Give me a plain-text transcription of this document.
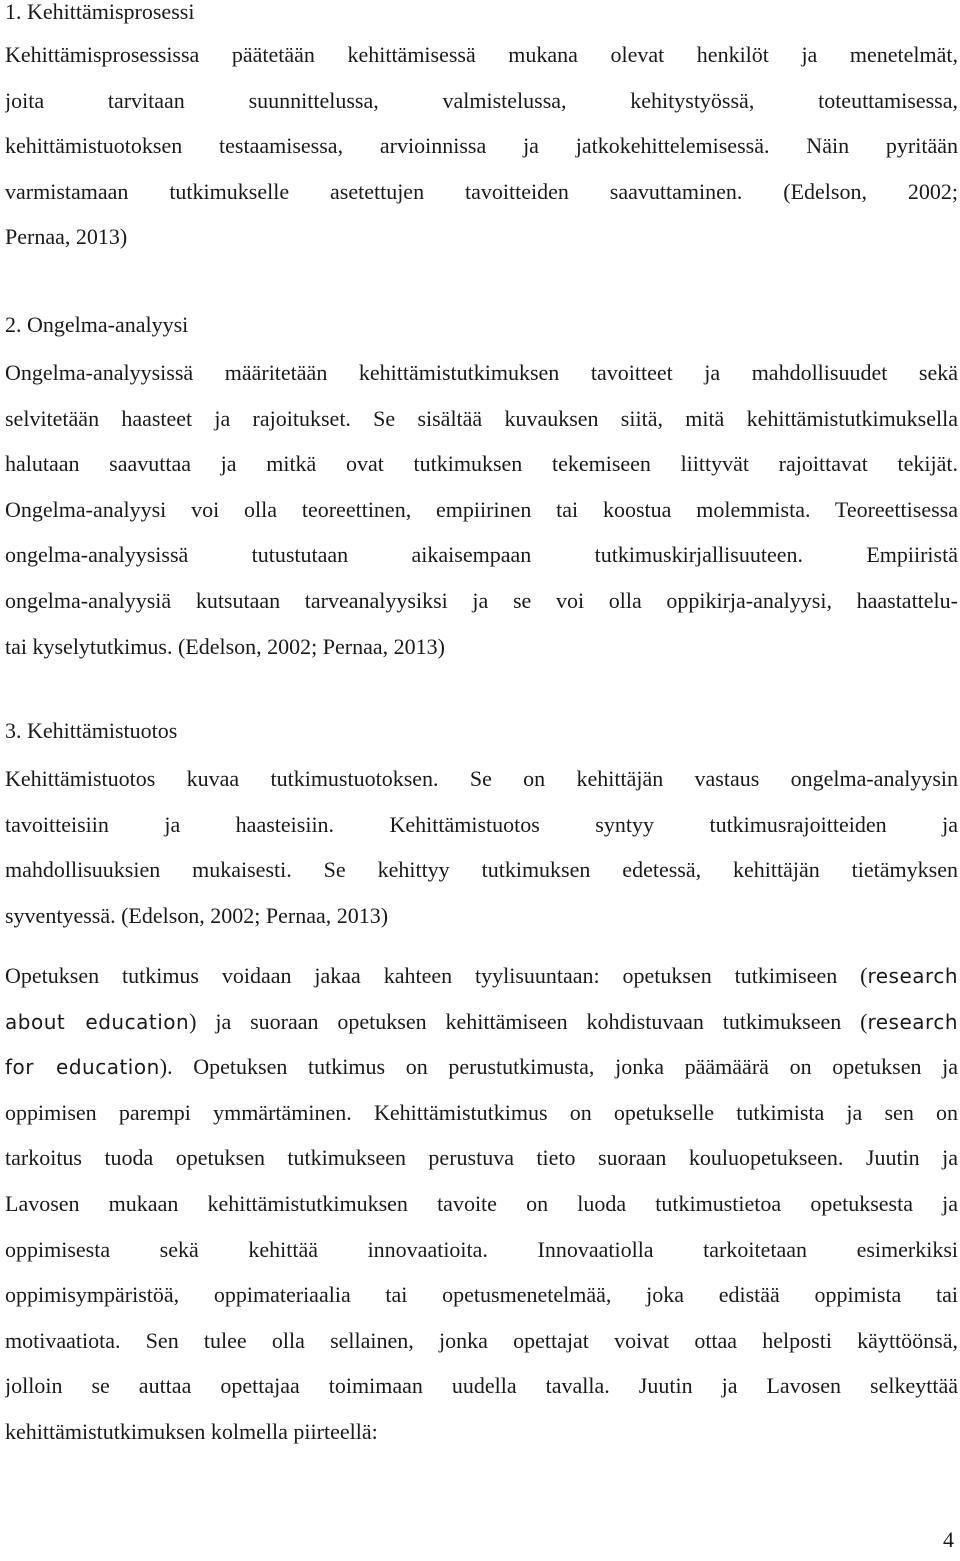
1. Kehittämisprosessi
Kehittämisprosessissa päätetään kehittämisessä mukana olevat henkilöt ja menetelmät,
joita tarvitaan suunnittelussa, valmistelussa, kehitystyössä, toteuttamisessa,
kehittämistuotoksen testaamisessa, arvioinnissa ja jatkokehittelemisessä. Näin pyritään
varmistamaan tutkimukselle asetettujen tavoitteiden saavuttaminen. (Edelson, 2002;
Pernaa, 2013)
2. Ongelma-analyysi
Ongelma-analyysissä määritetään kehittämistutkimuksen tavoitteet ja mahdollisuudet sekä
selvitetään haasteet ja rajoitukset. Se sisältää kuvauksen siitä, mitä kehittämistutkimuksella
halutaan saavuttaa ja mitkä ovat tutkimuksen tekemiseen liittyvät rajoittavat tekijät.
Ongelma-analyysi voi olla teoreettinen, empiirinen tai koostua molemmista. Teoreettisessa
ongelma-analyysissä tutustutaan aikaisempaan tutkimuskirjallisuuteen. Empiiristä
ongelma-analyysiä kutsutaan tarveanalyysiksi ja se voi olla oppikirja-analyysi, haastattelu-
tai kyselytutkimus. (Edelson, 2002; Pernaa, 2013)
3. Kehittämistuotos
Kehittämistuotos kuvaa tutkimustuotoksen. Se on kehittäjän vastaus ongelma-analyysin
tavoitteisiin ja haasteisiin. Kehittämistuotos syntyy tutkimusrajoitteiden ja
mahdollisuuksien mukaisesti. Se kehittyy tutkimuksen edetessä, kehittäjän tietämyksen
syventyessä. (Edelson, 2002; Pernaa, 2013)
Opetuksen tutkimus voidaan jakaa kahteen tyylisuuntaan: opetuksen tutkimiseen (research
about education) ja suoraan opetuksen kehittämiseen kohdistuvaan tutkimukseen (research
for education). Opetuksen tutkimus on perustutkimusta, jonka päämäärä on opetuksen ja
oppimisen parempi ymmärtäminen. Kehittämistutkimus on opetukselle tutkimista ja sen on
tarkoitus tuoda opetuksen tutkimukseen perustuva tieto suoraan kouluopetukseen. Juutin ja
Lavosen mukaan kehittämistutkimuksen tavoite on luoda tutkimustietoa opetuksesta ja
oppimisesta sekä kehittää innovaatioita. Innovaatiolla tarkoitetaan esimerkiksi
oppimisympäristöä, oppimateriaalia tai opetusmenetelmää, joka edistää oppimista tai
motivaatiota. Sen tulee olla sellainen, jonka opettajat voivat ottaa helposti käyttöönsä,
jolloin se auttaa opettajaa toimimaan uudella tavalla. Juutin ja Lavosen selkeyttää
kehittämistutkimuksen kolmella piirteellä:
4
